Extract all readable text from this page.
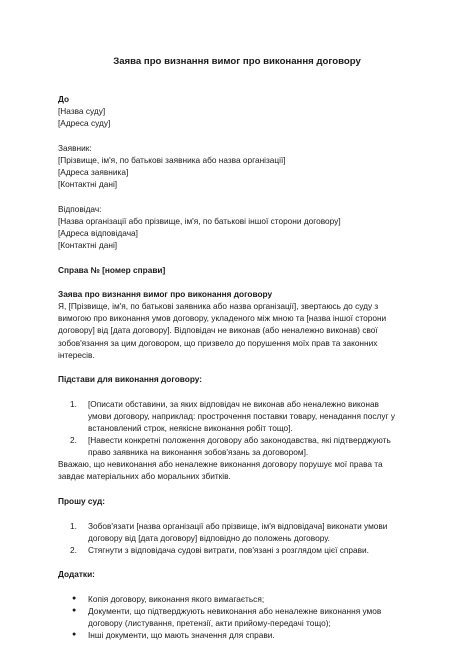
Заява про визнання вимог про виконання договору
До
[Назва суду]
[Адреса суду]
Заявник:
[Прізвище, ім'я, по батькові заявника або назва організації]
[Адреса заявника]
[Контактні дані]
Відповідач:
[Назва організації або прізвище, ім'я, по батькові іншої сторони договору]
[Адреса відповідача]
[Контактні дані]
Справа № [номер справи]
Заява про визнання вимог про виконання договору
Я, [Прізвище, ім'я, по батькові заявника або назва організації], звертаюсь до суду з
вимогою про виконання умов договору, укладеного між мною та [назва іншої сторони
договору] від [дата договору]. Відповідач не виконав (або неналежно виконав) свої
зобов'язання за цим договором, що призвело до порушення моїх прав та законних
інтересів.
Підстави для виконання договору:
1. [Описати обставини, за яких відповідач не виконав або неналежно виконав
умови договору, наприклад: прострочення поставки товару, ненадання послуг у
встановлений строк, неякісне виконання робіт тощо].
2. [Навести конкретні положення договору або законодавства, які підтверджують
право заявника на виконання зобов'язань за договором].
Вважаю, що невиконання або неналежне виконання договору порушує мої права та
завдає матеріальних або моральних збитків.
Прошу суд:
1. Зобов'язати [назва організації або прізвище, ім'я відповідача] виконати умови
договору від [дата договору] відповідно до положень договору.
2. Стягнути з відповідача судові витрати, пов'язані з розглядом цієї справи.
Додатки:
● Копія договору, виконання якого вимагається;
● Документи, що підтверджують невиконання або неналежне виконання умов
договору (листування, претензії, акти прийому-передачі тощо);
● Інші документи, що мають значення для справи.
